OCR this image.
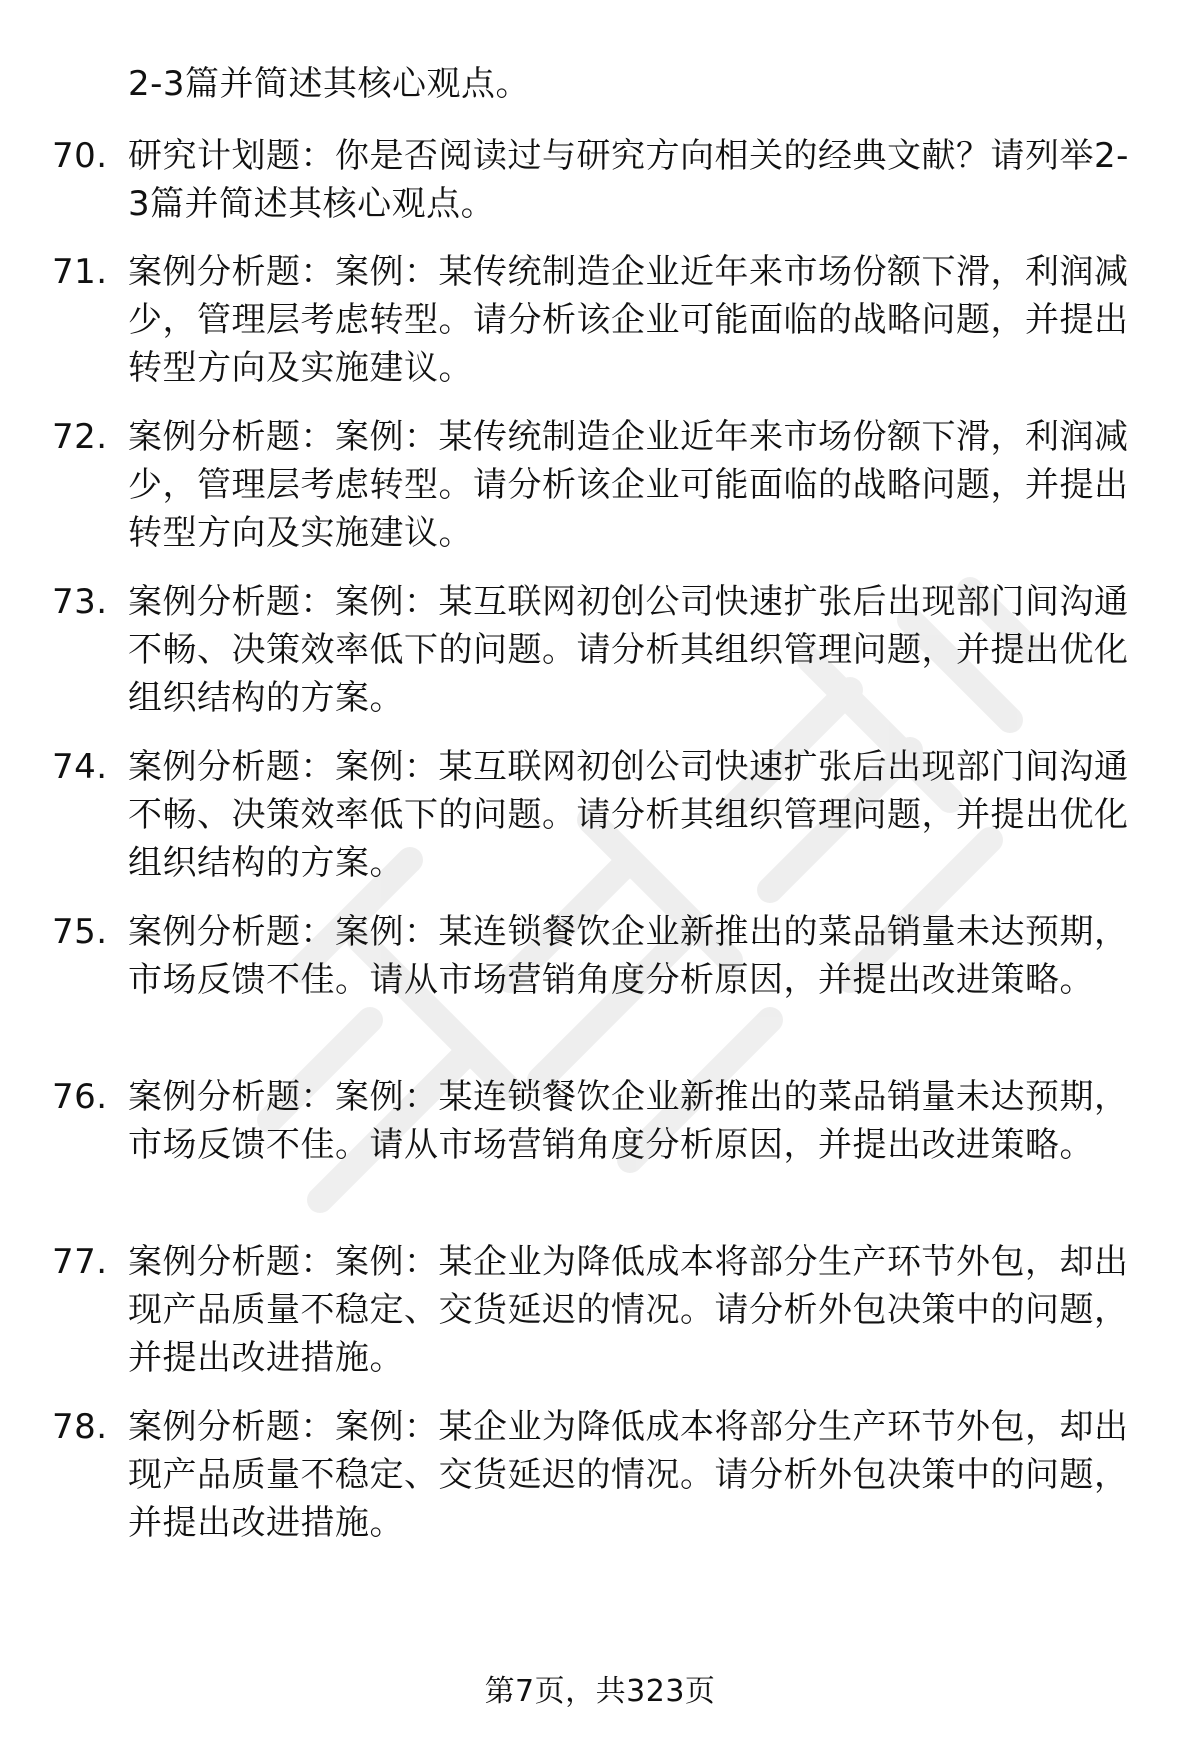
2-3篇并简述其核心观点。
70. 研究计划题：你是否阅读过与研究方向相关的经典文献？请列举2-3篇并简述其核心观点。
71. 案例分析题：案例：某传统制造企业近年来市场份额下滑，利润减少，管理层考虑转型。请分析该企业可能面临的战略问题，并提出转型方向及实施建议。
72. 案例分析题：案例：某传统制造企业近年来市场份额下滑，利润减少，管理层考虑转型。请分析该企业可能面临的战略问题，并提出转型方向及实施建议。
73. 案例分析题：案例：某互联网初创公司快速扩张后出现部门间沟通不畅、决策效率低下的问题。请分析其组织管理问题，并提出优化组织结构的方案。
74. 案例分析题：案例：某互联网初创公司快速扩张后出现部门间沟通不畅、决策效率低下的问题。请分析其组织管理问题，并提出优化组织结构的方案。
75. 案例分析题：案例：某连锁餐饮企业新推出的菜品销量未达预期，市场反馈不佳。请从市场营销角度分析原因，并提出改进策略。
76. 案例分析题：案例：某连锁餐饮企业新推出的菜品销量未达预期，市场反馈不佳。请从市场营销角度分析原因，并提出改进策略。
77. 案例分析题：案例：某企业为降低成本将部分生产环节外包，却出现产品质量不稳定、交货延迟的情况。请分析外包决策中的问题，并提出改进措施。
78. 案例分析题：案例：某企业为降低成本将部分生产环节外包，却出现产品质量不稳定、交货延迟的情况。请分析外包决策中的问题，并提出改进措施。
第7页，共323页
